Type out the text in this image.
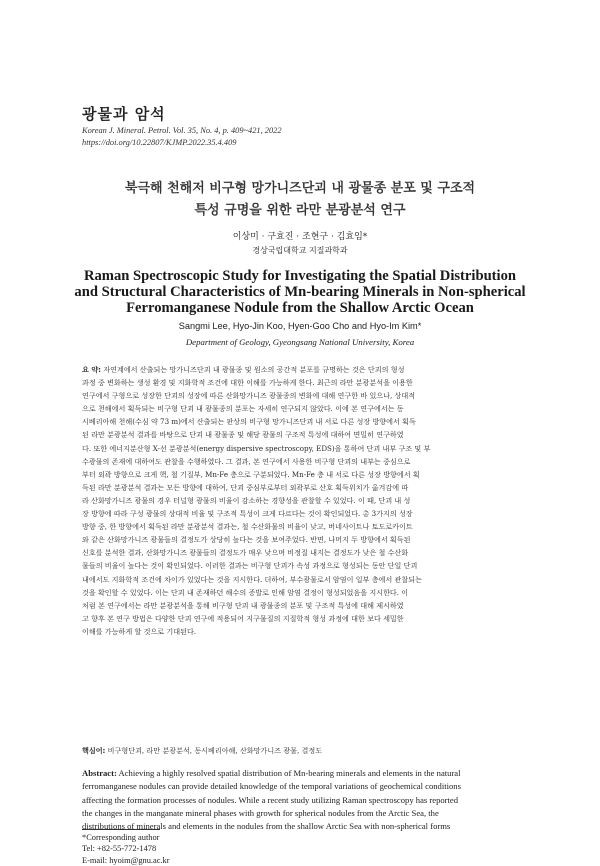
광물과 암석
Korean J. Mineral. Petrol. Vol. 35, No. 4, p. 409~421, 2022
https://doi.org/10.22807/KJMP.2022.35.4.409
북극해 천해저 비구형 망가니즈단괴 내 광물종 분포 및 구조적
특성 규명을 위한 라만 분광분석 연구
이상미 · 구효진 · 조현구 · 김효임*
경상국립대학교 지질과학과
Raman Spectroscopic Study for Investigating the Spatial Distribution
and Structural Characteristics of Mn-bearing Minerals in Non-spherical
Ferromanganese Nodule from the Shallow Arctic Ocean
Sangmi Lee, Hyo-Jin Koo, Hyen-Goo Cho and Hyo-Im Kim*
Department of Geology, Gyeongsang National University, Korea
요 약: 자연계에서 산출되는 망가니즈단괴 내 광물종 및 원소의 공간적 분포를 규명하는 것은 단괴의 형성
과정 중 변화하는 생성 환경 및 지화학적 조건에 대한 이해를 가능하게 한다. 최근의 라만 분광분석을 이용한
연구에서 구형으로 성장한 단괴의 성장에 따른 산화망가니즈 광물종의 변화에 대해 연구한 바 있으나, 상대적
으로 천해에서 획득되는 비구형 단괴 내 광물종의 분포는 자세히 연구되지 않았다. 이에 본 연구에서는 동
시베리아해 천해(수심 약 73 m)에서 산출되는 판상의 비구형 망가니즈단괴 내 서로 다른 성장 방향에서 획득
된 라만 분광분석 결과를 바탕으로 단괴 내 광물종 및 해당 광물의 구조적 특성에 대하여 면밀히 연구하였
다. 또한 에너지분산형 X-선 분광분석(energy dispersive spectroscopy, EDS)을 통하여 단괴 내부 구조 및 부
수광물의 존재에 대하여도 관찰을 수행하였다. 그 결과, 본 연구에서 사용한 비구형 단괴의 내부는 중심으로
부터 외곽 방향으로 크게 핵, 철 기질부, Mn-Fe 층으로 구분되었다. Mn-Fe 층 내 서로 다른 성장 방향에서 획
득된 라만 분광분석 결과는 모든 방향에 대하여, 단괴 중심부로부터 외곽부로 산호 획득위치가 옮겨감에 따
라 산화망가니즈 광물의 경우 터널형 광물의 비율이 감소하는 경향성을 관찰할 수 있었다. 이 때, 단괴 내 성
장 방향에 따라 구성 광물의 상대적 비율 및 구조적 특성이 크게 다르다는 것이 확인되었다. 총 3가지의 성장
방향 중, 한 방향에서 획득된 라만 분광분석 결과는, 철 수산화물의 비율이 낮고, 버네사이트나 토도로카이트
와 같은 산화망가니즈 광물들의 결정도가 상당히 높다는 것을 보여주었다. 반면, 나머지 두 방향에서 획득된
신호를 분석한 결과, 산화망가니즈 광물들의 결정도가 매우 낮으며 비정질 내지는 결정도가 낮은 철 수산화
물들의 비율이 높다는 것이 확인되었다. 이러한 결과는 비구형 단괴가 속성 과정으로 형성되는 동안 단일 단괴
내에서도 지화학적 조건에 차이가 있었다는 것을 지시한다. 더하여, 부수광물로서 암염이 일부 층에서 관찰되는
것을 확인할 수 있었다. 이는 단괴 내 존재하던 해수의 증발로 인해 암염 결정이 형성되었음을 지시한다. 이
처럼 본 연구에서는 라만 분광분석을 통해 비구형 단괴 내 광물종의 분포 및 구조적 특성에 대해 제시하였
고 향후 본 연구 방법은 다양한 단괴 연구에 적용되어 지구물질의 지질학적 형성 과정에 대한 보다 세밀한
이해를 가능하게 할 것으로 기대된다.
핵심어: 비구형단괴, 라만 분광분석, 동시베리아해, 산화망가니즈 광물, 결정도
Abstract: Achieving a highly resolved spatial distribution of Mn-bearing minerals and elements in the natural
ferromanganese nodules can provide detailed knowledge of the temporal variations of geochemical conditions
affecting the formation processes of nodules. While a recent study utilizing Raman spectroscopy has reported
the changes in the manganate mineral phases with growth for spherical nodules from the Arctic Sea, the
distributions of minerals and elements in the nodules from the shallow Arctic Sea with non-spherical forms
*Corresponding author
Tel: +82-55-772-1478
E-mail: hyoim@gnu.ac.kr
